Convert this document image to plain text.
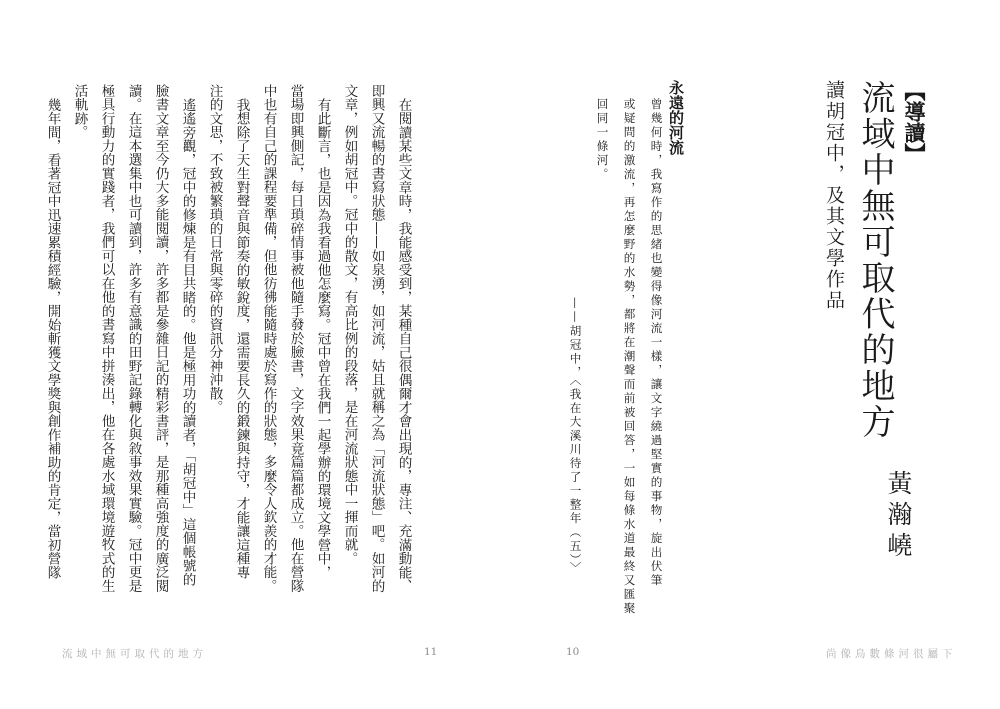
【導讀】
流域中無可取代的地方
讀胡冠中，及其文學作品
黃瀚嶢
永遠的河流
曾幾何時，我寫作的思緒也變得像河流一樣，讓文字繞過堅實的事物，旋出伏筆
或疑問的激流，再怎麼野的水勢，都將在潮聲而前被回答，一如每條水道最終又匯聚
回同一條河。
——胡冠中，〈我在大溪川待了一整年（五）〉
在閱讀某些文章時，我能感受到，某種自己很偶爾才會出現的，專注、充滿動能、
即興又流暢的書寫狀態——如泉湧，如河流，姑且就稱之為「河流狀態」吧。如河的
文章，例如胡冠中。冠中的散文，有高比例的段落，是在河流狀態中一揮而就。
有此斷言，也是因為我看過他怎麼寫。冠中曾在我們一起學辦的環境文學營中，
當場即興側記，每日瑣碎情事被他隨手發於臉書，文字效果竟篇篇都成立。他在營隊
中也有自己的課程要準備，但他彷彿能隨時處於寫作的狀態，多麼令人欽羨的才能。
我想除了天生對聲音與節奏的敏銳度，還需要長久的鍛鍊與持守，才能讓這種專
注的文思，不致被繁瑣的日常與零碎的資訊分神沖散。
遙遙旁觀，冠中的修煉是有目共睹的。他是極用功的讀者，「胡冠中」這個帳號的
臉書文章至今仍大多能閱讀，許多都是參雜日記的精彩書評，是那種高強度的廣泛閱
讀。在這本選集中也可讀到，許多有意識的田野記錄轉化與敘事效果實驗。冠中更是
極具行動力的實踐者，我們可以在他的書寫中拼湊出，他在各處水域環境遊牧式的生
活軌跡。
幾年間，看著冠中迅速累積經驗，開始斬獲文學獎與創作補助的肯定，當初營隊
流域中無可取代的地方	11	10	尚像鳥數條河很屬下
